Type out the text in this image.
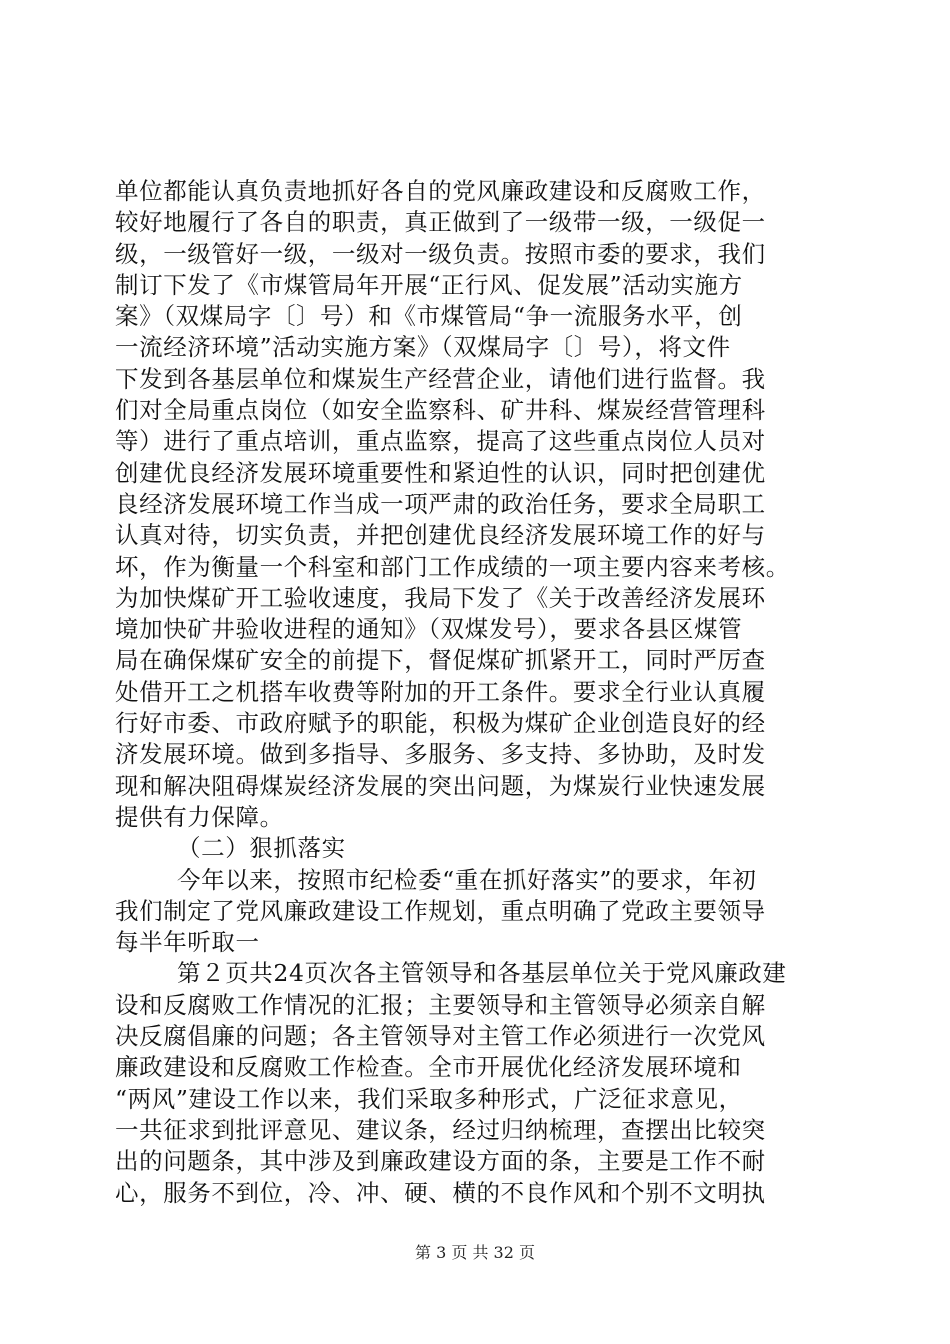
单位都能认真负责地抓好各自的党风廉政建设和反腐败工作，
较好地履行了各自的职责，真正做到了一级带一级，一级促一
级，一级管好一级，一级对一级负责。按照市委的要求，我们
制订下发了《市煤管局年开展“正行风、促发展”活动实施方
案》（双煤局字〔〕号）和《市煤管局“争一流服务水平，创
一流经济环境”活动实施方案》（双煤局字〔〕号），将文件
下发到各基层单位和煤炭生产经营企业，请他们进行监督。我
们对全局重点岗位（如安全监察科、矿井科、煤炭经营管理科
等）进行了重点培训，重点监察，提高了这些重点岗位人员对
创建优良经济发展环境重要性和紧迫性的认识，同时把创建优
良经济发展环境工作当成一项严肃的政治任务，要求全局职工
认真对待，切实负责，并把创建优良经济发展环境工作的好与
坏，作为衡量一个科室和部门工作成绩的一项主要内容来考核。
为加快煤矿开工验收速度，我局下发了《关于改善经济发展环
境加快矿井验收进程的通知》（双煤发号），要求各县区煤管
局在确保煤矿安全的前提下，督促煤矿抓紧开工，同时严厉查
处借开工之机搭车收费等附加的开工条件。要求全行业认真履
行好市委、市政府赋予的职能，积极为煤矿企业创造良好的经
济发展环境。做到多指导、多服务、多支持、多协助，及时发
现和解决阻碍煤炭经济发展的突出问题，为煤炭行业快速发展
提供有力保障。
（二）狠抓落实
今年以来，按照市纪检委“重在抓好落实”的要求，年初
我们制定了党风廉政建设工作规划，重点明确了党政主要领导
每半年听取一
第２页共24页次各主管领导和各基层单位关于党风廉政建
设和反腐败工作情况的汇报；主要领导和主管领导必须亲自解
决反腐倡廉的问题；各主管领导对主管工作必须进行一次党风
廉政建设和反腐败工作检查。全市开展优化经济发展环境和
“两风”建设工作以来，我们采取多种形式，广泛征求意见，
一共征求到批评意见、建议条，经过归纳梳理，查摆出比较突
出的问题条，其中涉及到廉政建设方面的条，主要是工作不耐
心，服务不到位，冷、冲、硬、横的不良作风和个别不文明执
第 3 页 共 32 页
